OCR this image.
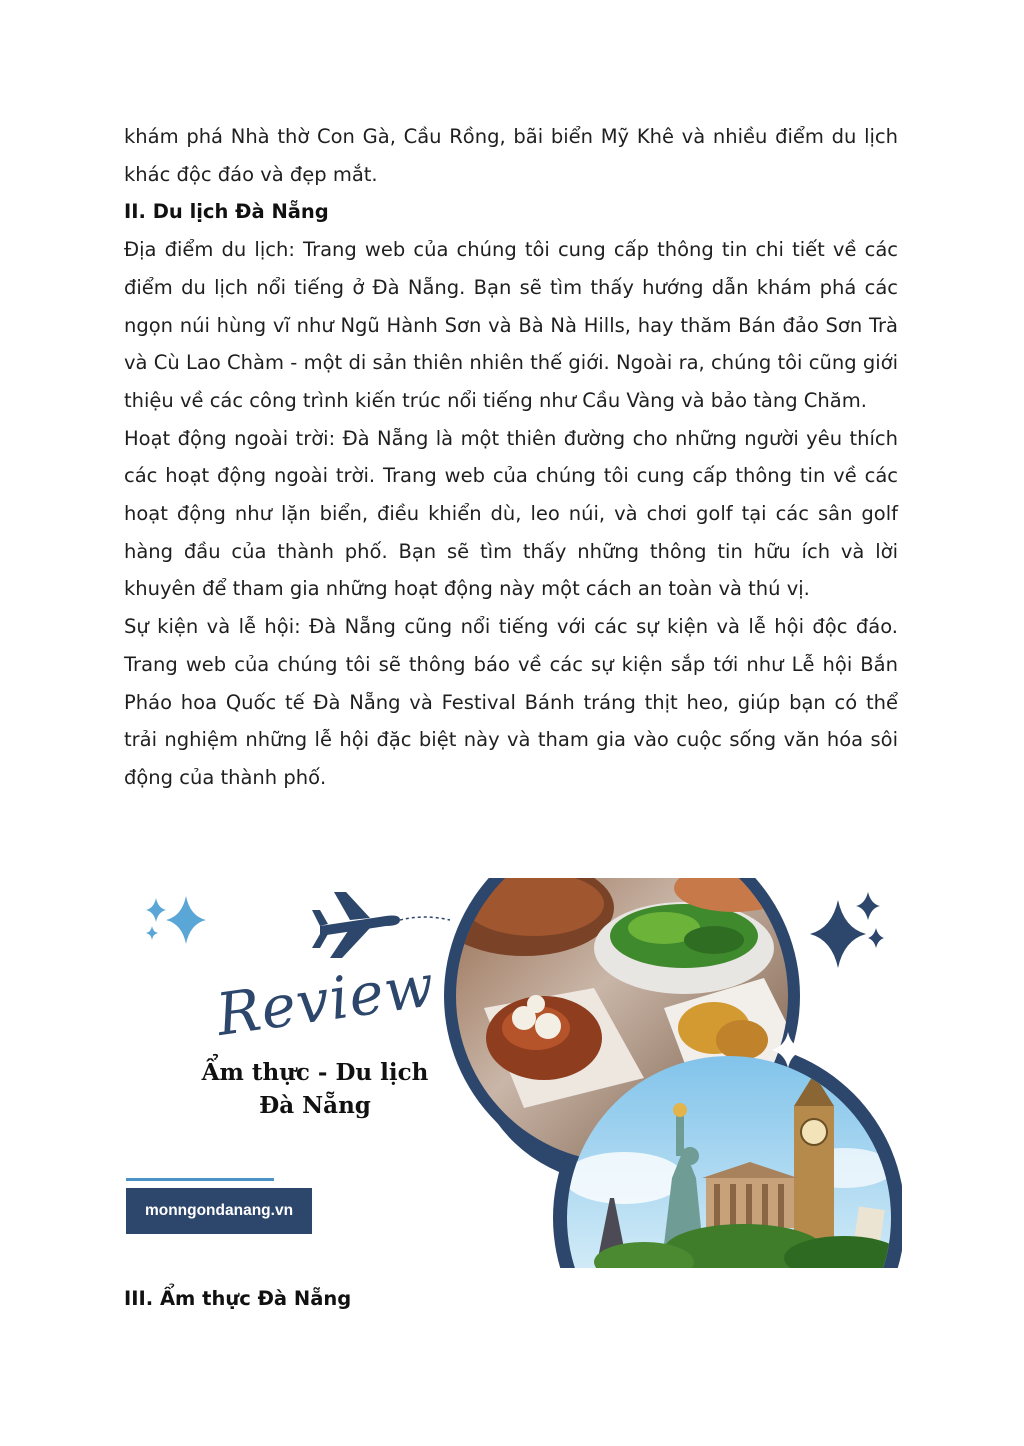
khám phá Nhà thờ Con Gà, Cầu Rồng, bãi biển Mỹ Khê và nhiều điểm du lịch khác độc đáo và đẹp mắt.

II. Du lịch Đà Nẵng

Địa điểm du lịch: Trang web của chúng tôi cung cấp thông tin chi tiết về các điểm du lịch nổi tiếng ở Đà Nẵng. Bạn sẽ tìm thấy hướng dẫn khám phá các ngọn núi hùng vĩ như Ngũ Hành Sơn và Bà Nà Hills, hay thăm Bán đảo Sơn Trà và Cù Lao Chàm - một di sản thiên nhiên thế giới. Ngoài ra, chúng tôi cũng giới thiệu về các công trình kiến trúc nổi tiếng như Cầu Vàng và bảo tàng Chăm.

Hoạt động ngoài trời: Đà Nẵng là một thiên đường cho những người yêu thích các hoạt động ngoài trời. Trang web của chúng tôi cung cấp thông tin về các hoạt động như lặn biển, điều khiển dù, leo núi, và chơi golf tại các sân golf hàng đầu của thành phố. Bạn sẽ tìm thấy những thông tin hữu ích và lời khuyên để tham gia những hoạt động này một cách an toàn và thú vị.

Sự kiện và lễ hội: Đà Nẵng cũng nổi tiếng với các sự kiện và lễ hội độc đáo. Trang web của chúng tôi sẽ thông báo về các sự kiện sắp tới như Lễ hội Bắn Pháo hoa Quốc tế Đà Nẵng và Festival Bánh tráng thịt heo, giúp bạn có thể trải nghiệm những lễ hội đặc biệt này và tham gia vào cuộc sống văn hóa sôi động của thành phố.

Review
Ẩm thực - Du lịch
Đà Nẵng
monngondanang.vn
III. Ẩm thực Đà Nẵng
